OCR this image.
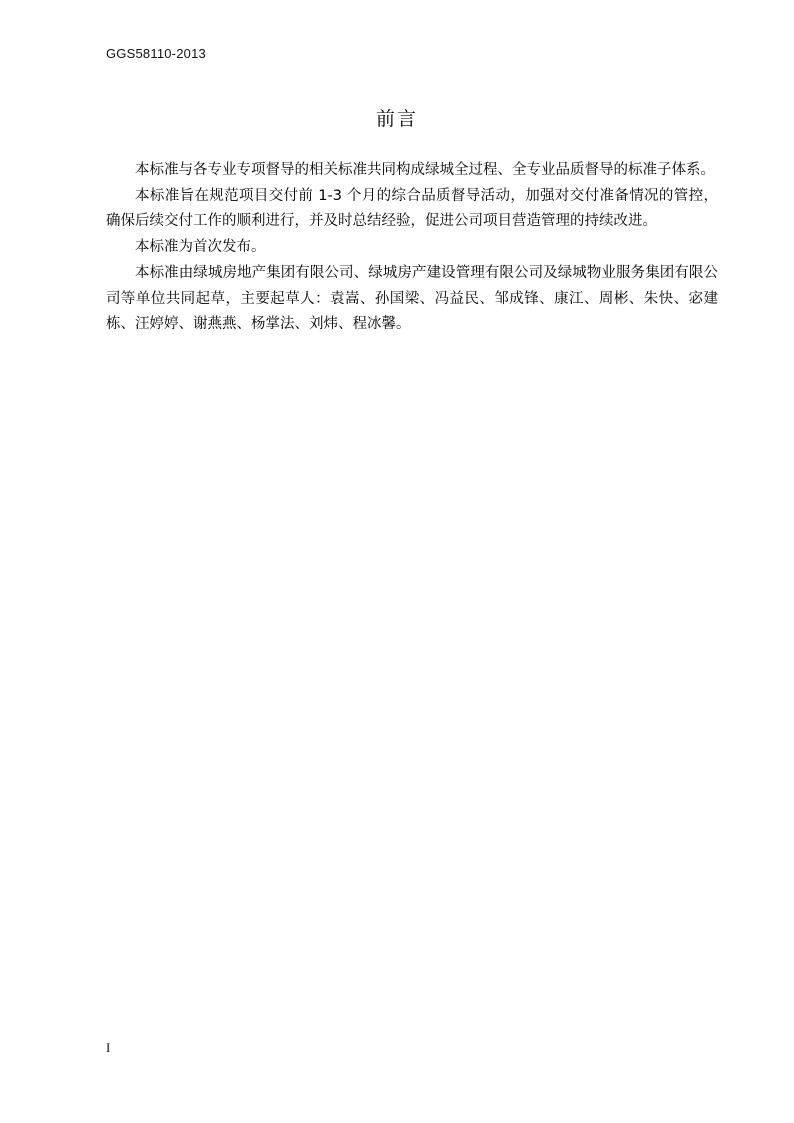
GGS58110-2013
前言

本标准与各专业专项督导的相关标准共同构成绿城全过程、全专业品质督导的标准子体系。

本标准旨在规范项目交付前 1-3 个月的综合品质督导活动，加强对交付准备情况的管控，确保后续交付工作的顺利进行，并及时总结经验，促进公司项目营造管理的持续改进。

本标准为首次发布。

本标准由绿城房地产集团有限公司、绿城房产建设管理有限公司及绿城物业服务集团有限公司等单位共同起草，主要起草人：袁嵩、孙国梁、冯益民、邹成锋、康江、周彬、朱快、宓建栋、汪婷婷、谢燕燕、杨掌法、刘炜、程冰馨。

I
